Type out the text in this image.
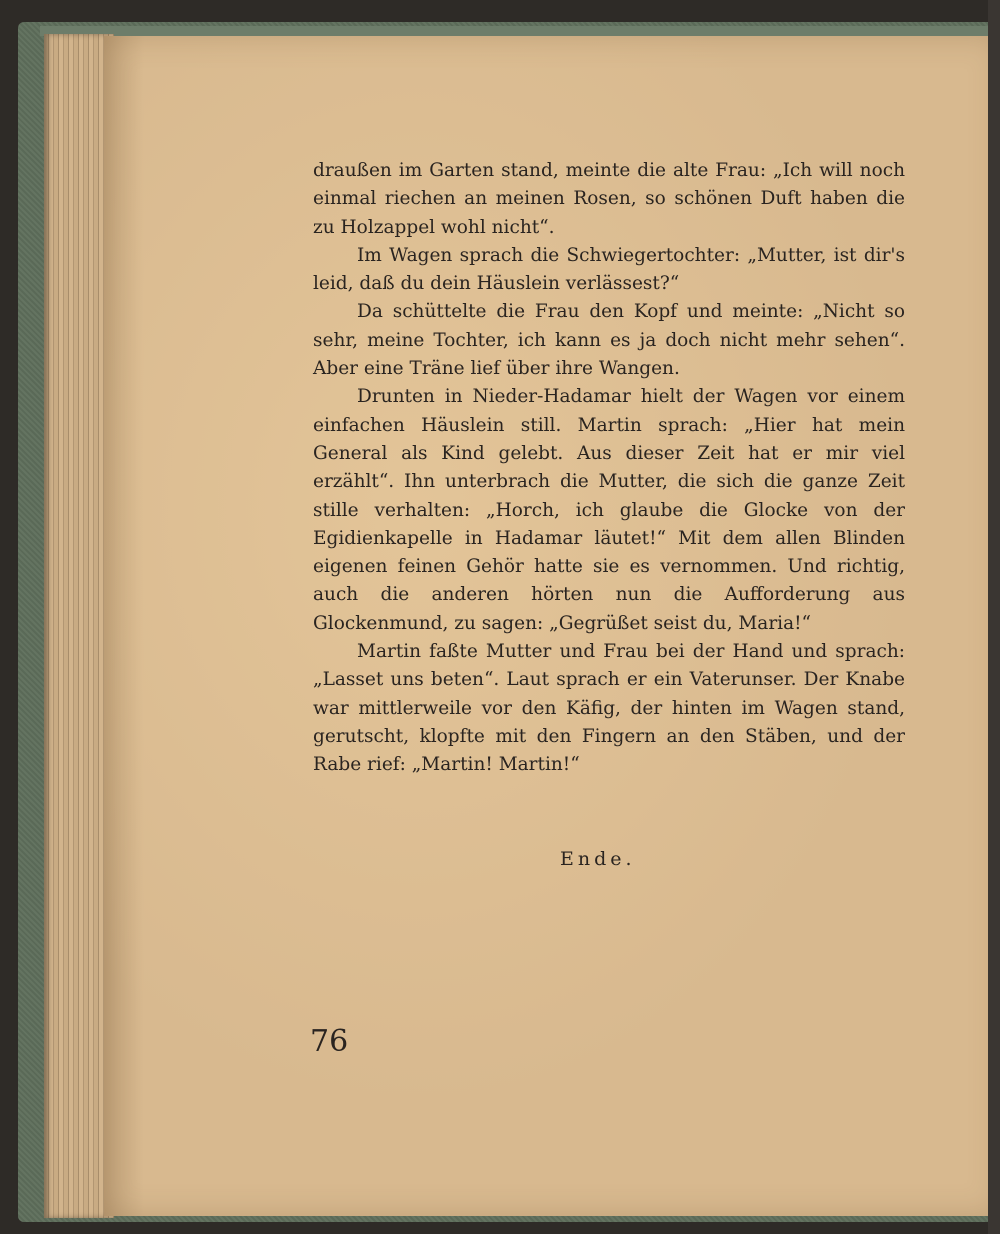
draußen im Garten stand, meinte die alte Frau: „Ich will noch einmal riechen an meinen Rosen, so schönen Duft haben die zu Holzappel wohl nicht“.

Im Wagen sprach die Schwiegertochter: „Mutter, ist dir's leid, daß du dein Häuslein verlässest?“

Da schüttelte die Frau den Kopf und meinte: „Nicht so sehr, meine Tochter, ich kann es ja doch nicht mehr sehen“. Aber eine Träne lief über ihre Wangen.

Drunten in Nieder-Hadamar hielt der Wagen vor einem einfachen Häuslein still. Martin sprach: „Hier hat mein General als Kind gelebt. Aus dieser Zeit hat er mir viel erzählt“. Ihn unterbrach die Mutter, die sich die ganze Zeit stille verhalten: „Horch, ich glaube die Glocke von der Egidienkapelle in Hadamar läutet!“ Mit dem allen Blinden eigenen feinen Gehör hatte sie es vernommen. Und richtig, auch die anderen hörten nun die Aufforderung aus Glockenmund, zu sagen: „Gegrüßet seist du, Maria!“

Martin faßte Mutter und Frau bei der Hand und sprach: „Lasset uns beten“. Laut sprach er ein Vaterunser. Der Knabe war mittlerweile vor den Käfig, der hinten im Wagen stand, gerutscht, klopfte mit den Fingern an den Stäben, und der Rabe rief: „Martin! Martin!“

Ende.
76
